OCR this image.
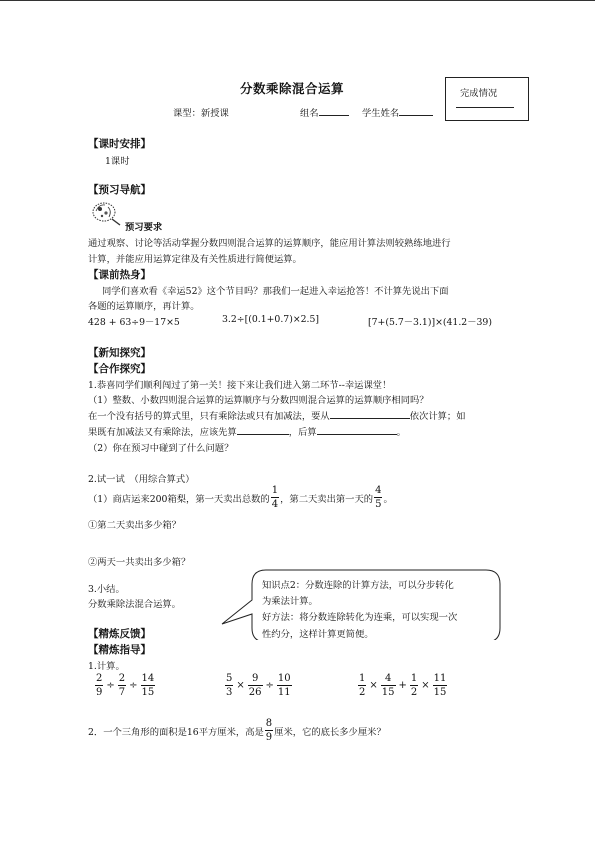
分数乘除混合运算
课型：新授课	组名	学生姓名
完成情况
【课时安排】
1课时
【预习导航】
预习要求
通过观察、讨论等活动掌握分数四则混合运算的运算顺序，能应用计算法则较熟练地进行
计算，并能应用运算定律及有关性质进行简便运算。
【课前热身】
同学们喜欢看《幸运52》这个节目吗？那我们一起进入幸运抢答！不计算先说出下面
各题的运算顺序，再计算。
428 + 63÷9－17×5	3.2÷[(0.1+0.7)×2.5]	[7+(5.7－3.1)]×(41.2－39)
【新知探究】
【合作探究】
1.恭喜同学们顺利闯过了第一关！接下来让我们进入第二环节--幸运课堂！
（1）整数、小数四则混合运算的运算顺序与分数四则混合运算的运算顺序相同吗？
在一个没有括号的算式里，只有乘除法或只有加减法，要从	依次计算；如
果既有加减法又有乘除法，应该先算	，后算	。
（2）你在预习中碰到了什么问题？
2.试一试　（用综合算式）
（1）商店运来200箱梨，第一天卖出总数的 $\frac{1}{4}$ ，第二天卖出第一天的 $\frac{4}{5}$ 。
①第二天卖出多少箱？
②两天一共卖出多少箱？
3.小结。
分数乘除法混合运算。
知识点2：分数连除的计算方法，可以分步转化
为乘法计算。
好方法：将分数连除转化为连乘，可以实现一次
性约分，这样计算更简便。
【精炼反馈】
【精炼指导】
1.计算。
$\frac{2}{9} \div \frac{2}{7} \div \frac{14}{15}$	$\frac{5}{3} \times \frac{9}{26} \div \frac{10}{11}$	$\frac{1}{2} \times \frac{4}{15} + \frac{1}{2} \times \frac{11}{15}$
2．一个三角形的面积是16平方厘米，高是 $\frac{8}{9}$ 厘米，它的底长多少厘米？
